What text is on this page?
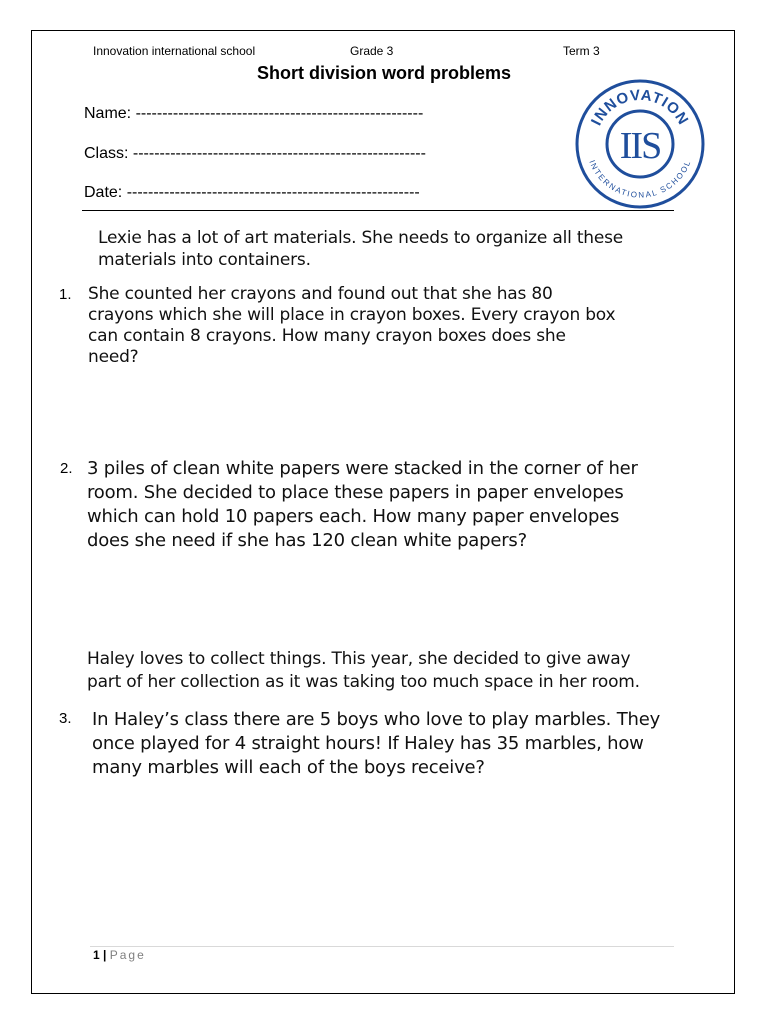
Innovation international school	Grade 3	Term 3
Short division word problems
Name: ------------------------------------------------------
Class: -------------------------------------------------------
Date: -------------------------------------------------------
INNOVATION
INTERNATIONAL SCHOOL
IIS
Lexie has a lot of art materials. She needs to organize all these
materials into containers.
1. She counted her crayons and found out that she has 80
crayons which she will place in crayon boxes. Every crayon box
can contain 8 crayons. How many crayon boxes does she
need?
2. 3 piles of clean white papers were stacked in the corner of her
room. She decided to place these papers in paper envelopes
which can hold 10 papers each. How many paper envelopes
does she need if she has 120 clean white papers?
Haley loves to collect things. This year, she decided to give away
part of her collection as it was taking too much space in her room.
3. In Haley’s class there are 5 boys who love to play marbles. They
once played for 4 straight hours! If Haley has 35 marbles, how
many marbles will each of the boys receive?
1 | Page
